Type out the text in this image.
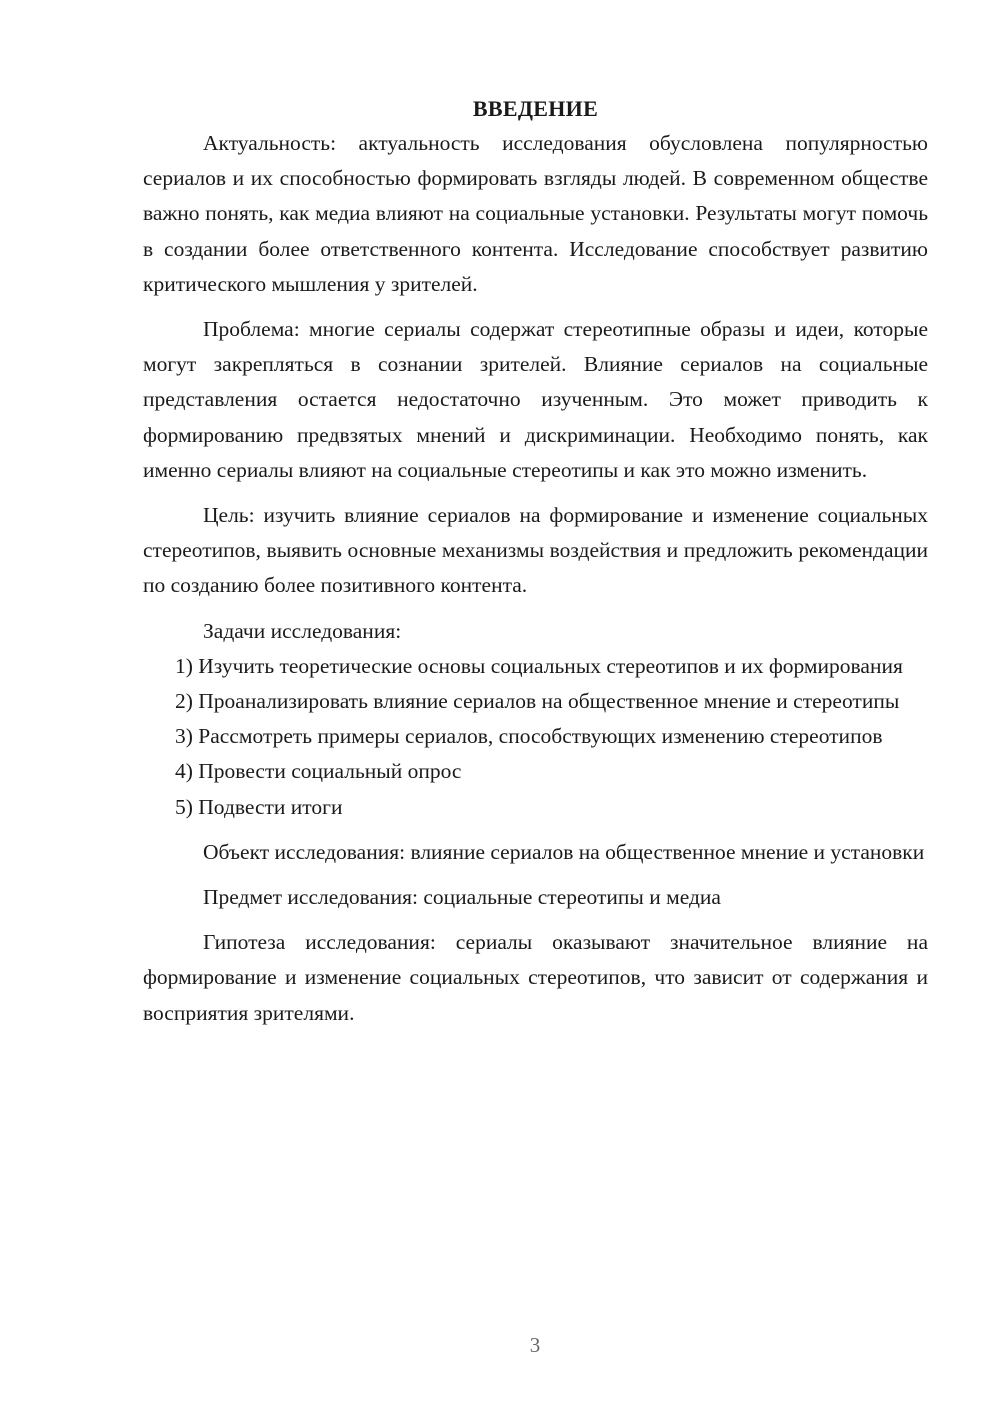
ВВЕДЕНИЕ

Актуальность: актуальность исследования обусловлена популярностью сериалов и их способностью формировать взгляды людей. В современном обществе важно понять, как медиа влияют на социальные установки. Результаты могут помочь в создании более ответственного контента. Исследование способствует развитию критического мышления у зрителей.

Проблема: многие сериалы содержат стереотипные образы и идеи, которые могут закрепляться в сознании зрителей. Влияние сериалов на социальные представления остается недостаточно изученным. Это может приводить к формированию предвзятых мнений и дискриминации. Необходимо понять, как именно сериалы влияют на социальные стереотипы и как это можно изменить.

Цель: изучить влияние сериалов на формирование и изменение социальных стереотипов, выявить основные механизмы воздействия и предложить рекомендации по созданию более позитивного контента.

Задачи исследования:

1) Изучить теоретические основы социальных стереотипов и их формирования

2) Проанализировать влияние сериалов на общественное мнение и стереотипы

3) Рассмотреть примеры сериалов, способствующих изменению стереотипов

4) Провести социальный опрос

5) Подвести итоги

Объект исследования: влияние сериалов на общественное мнение и установки

Предмет исследования: социальные стереотипы и медиа

Гипотеза исследования: сериалы оказывают значительное влияние на формирование и изменение социальных стереотипов, что зависит от содержания и восприятия зрителями.

3
